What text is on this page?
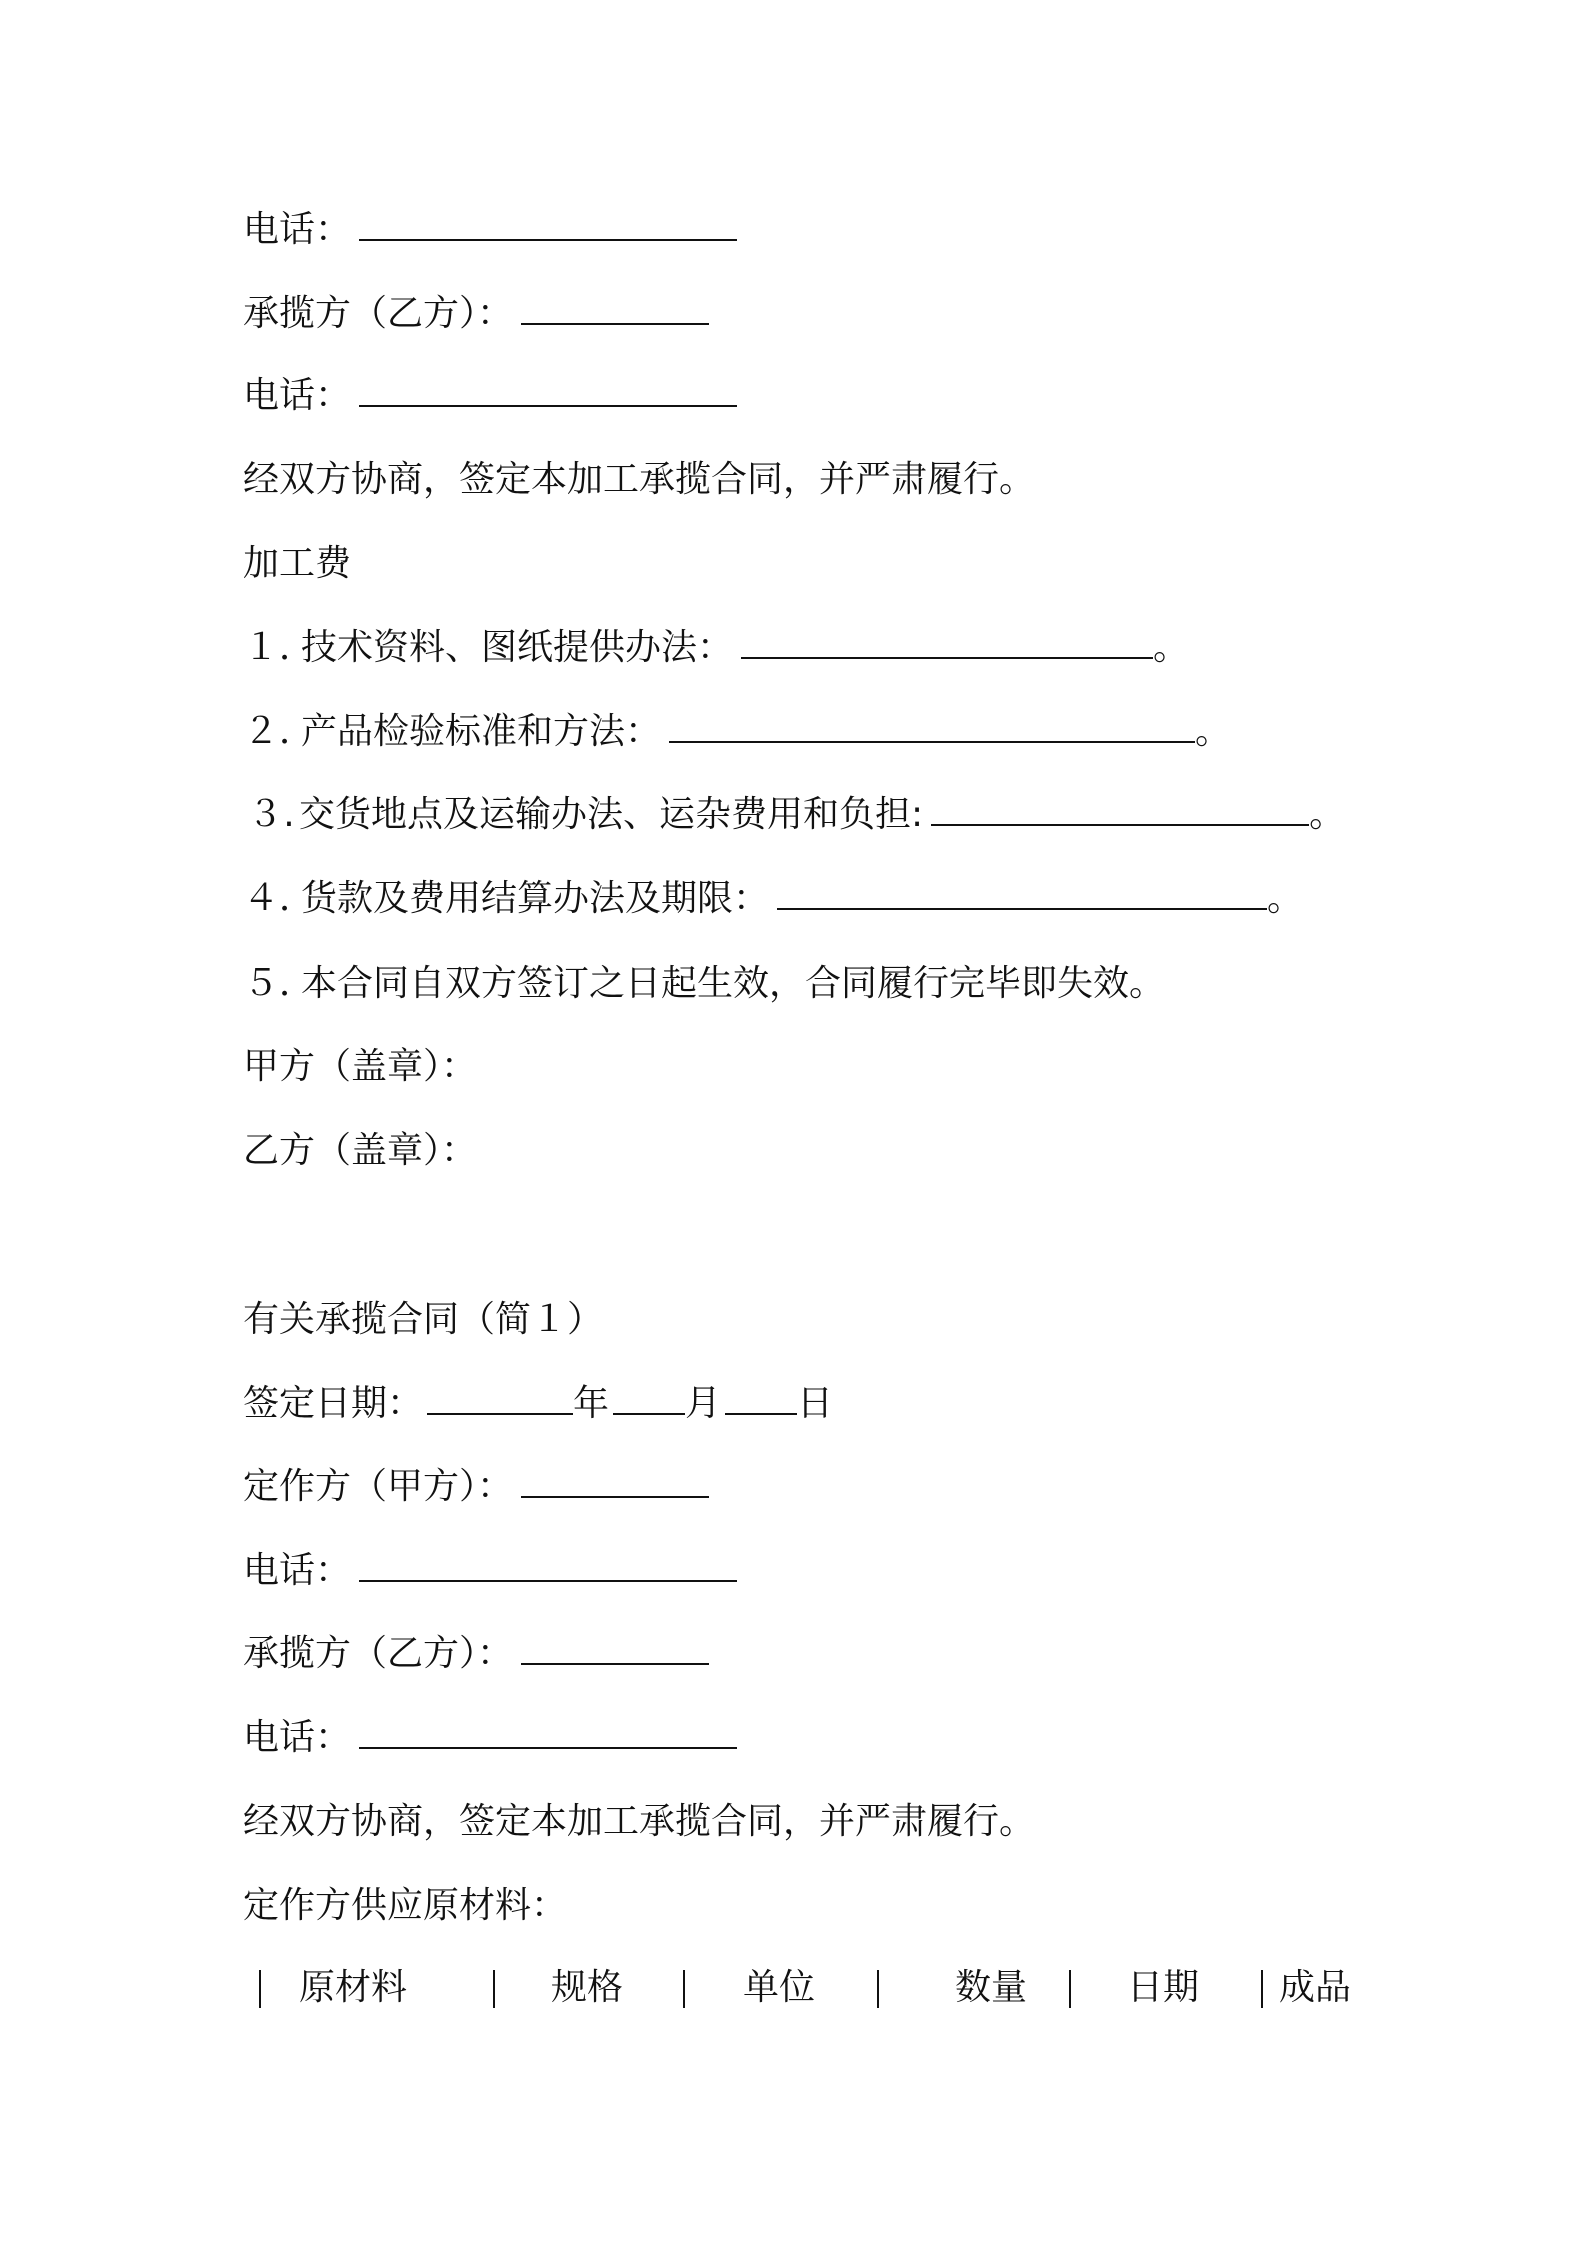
电话：
承揽方（乙方）：
电话：
经双方协商，签定本加工承揽合同，并严肃履行。
加工费
１．技术资料、图纸提供办法：	。
２．产品检验标准和方法：	。
３. 交货地点及运输办法、运杂费用和负担:	。
４．货款及费用结算办法及期限：	。
５．本合同自双方签订之日起生效，合同履行完毕即失效。
甲方（盖章）：
乙方（盖章）：
有关承揽合同（简１）
签定日期：	年 月 日
定作方（甲方）：
电话：
承揽方（乙方）：
电话：
经双方协商，签定本加工承揽合同，并严肃履行。
定作方供应原材料：
原材料	规格	单位	数量	日期 成品
